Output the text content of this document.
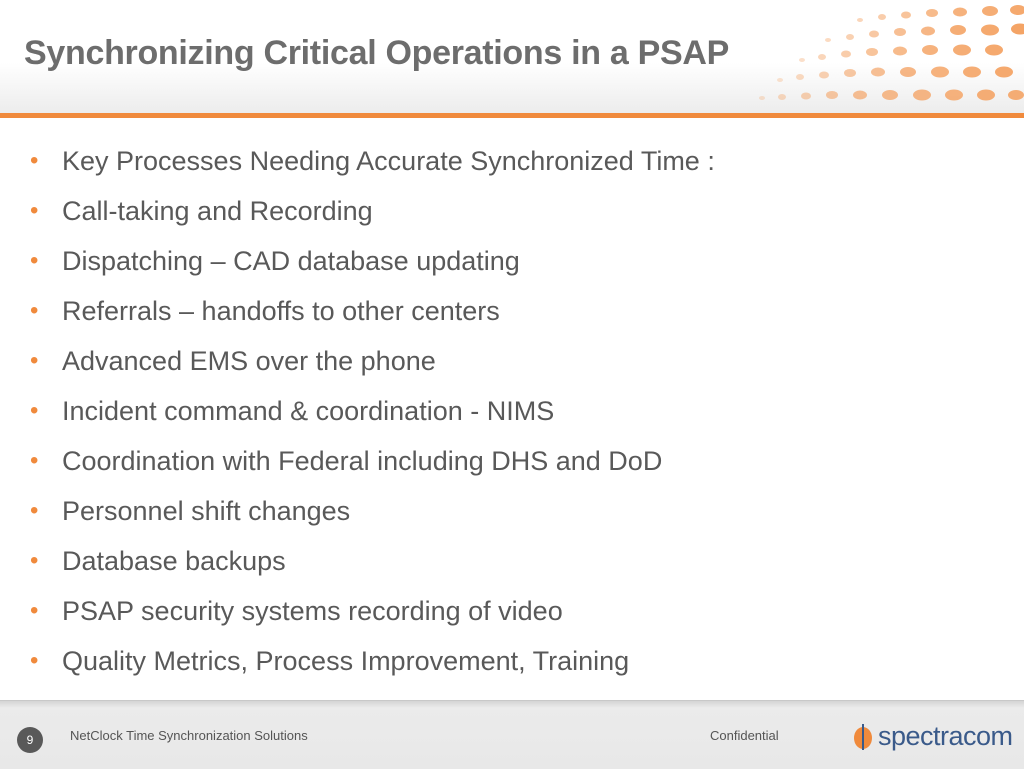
Synchronizing Critical Operations in a PSAP
• Key Processes Needing Accurate Synchronized Time :
• Call-taking and Recording
• Dispatching – CAD database updating
• Referrals – handoffs to other centers
• Advanced EMS over the phone
• Incident command & coordination - NIMS
• Coordination with Federal including DHS and DoD
• Personnel shift changes
• Database backups
• PSAP security systems recording of video
• Quality Metrics, Process Improvement, Training
9	NetClock Time Synchronization Solutions	Confidential	spectracom
